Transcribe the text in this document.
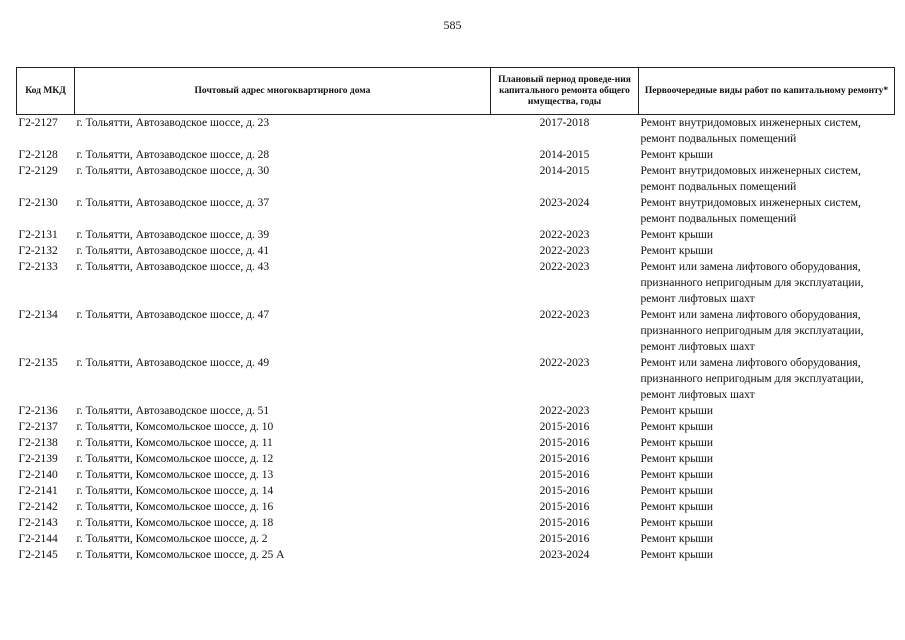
585
Код МКД	Почтовый адрес многоквартирного дома	Плановый период проведе-ния капитального ремонта общего имущества, годы	Первоочередные виды работ по капитальному ремонту*
Г2-2127	г. Тольятти, Автозаводское шоссе, д. 23	2017-2018	Ремонт внутридомовых инженерных систем,
ремонт подвальных помещений

Г2-2128	г. Тольятти, Автозаводское шоссе, д. 28	2014-2015	Ремонт крыши

Г2-2129	г. Тольятти, Автозаводское шоссе, д. 30	2014-2015	Ремонт внутридомовых инженерных систем,
ремонт подвальных помещений

Г2-2130	г. Тольятти, Автозаводское шоссе, д. 37	2023-2024	Ремонт внутридомовых инженерных систем,
ремонт подвальных помещений

Г2-2131	г. Тольятти, Автозаводское шоссе, д. 39	2022-2023	Ремонт крыши

Г2-2132	г. Тольятти, Автозаводское шоссе, д. 41	2022-2023	Ремонт крыши

Г2-2133	г. Тольятти, Автозаводское шоссе, д. 43	2022-2023	Ремонт или замена лифтового оборудования,
признанного непригодным для эксплуатации,
ремонт лифтовых шахт

Г2-2134	г. Тольятти, Автозаводское шоссе, д. 47	2022-2023	Ремонт или замена лифтового оборудования,
признанного непригодным для эксплуатации,
ремонт лифтовых шахт

Г2-2135	г. Тольятти, Автозаводское шоссе, д. 49	2022-2023	Ремонт или замена лифтового оборудования,
признанного непригодным для эксплуатации,
ремонт лифтовых шахт

Г2-2136	г. Тольятти, Автозаводское шоссе, д. 51	2022-2023	Ремонт крыши

Г2-2137	г. Тольятти, Комсомольское шоссе, д. 10	2015-2016	Ремонт крыши

Г2-2138	г. Тольятти, Комсомольское шоссе, д. 11	2015-2016	Ремонт крыши

Г2-2139	г. Тольятти, Комсомольское шоссе, д. 12	2015-2016	Ремонт крыши

Г2-2140	г. Тольятти, Комсомольское шоссе, д. 13	2015-2016	Ремонт крыши

Г2-2141	г. Тольятти, Комсомольское шоссе, д. 14	2015-2016	Ремонт крыши

Г2-2142	г. Тольятти, Комсомольское шоссе, д. 16	2015-2016	Ремонт крыши

Г2-2143	г. Тольятти, Комсомольское шоссе, д. 18	2015-2016	Ремонт крыши

Г2-2144	г. Тольятти, Комсомольское шоссе, д. 2	2015-2016	Ремонт крыши

Г2-2145	г. Тольятти, Комсомольское шоссе, д. 25 А	2023-2024	Ремонт крыши
